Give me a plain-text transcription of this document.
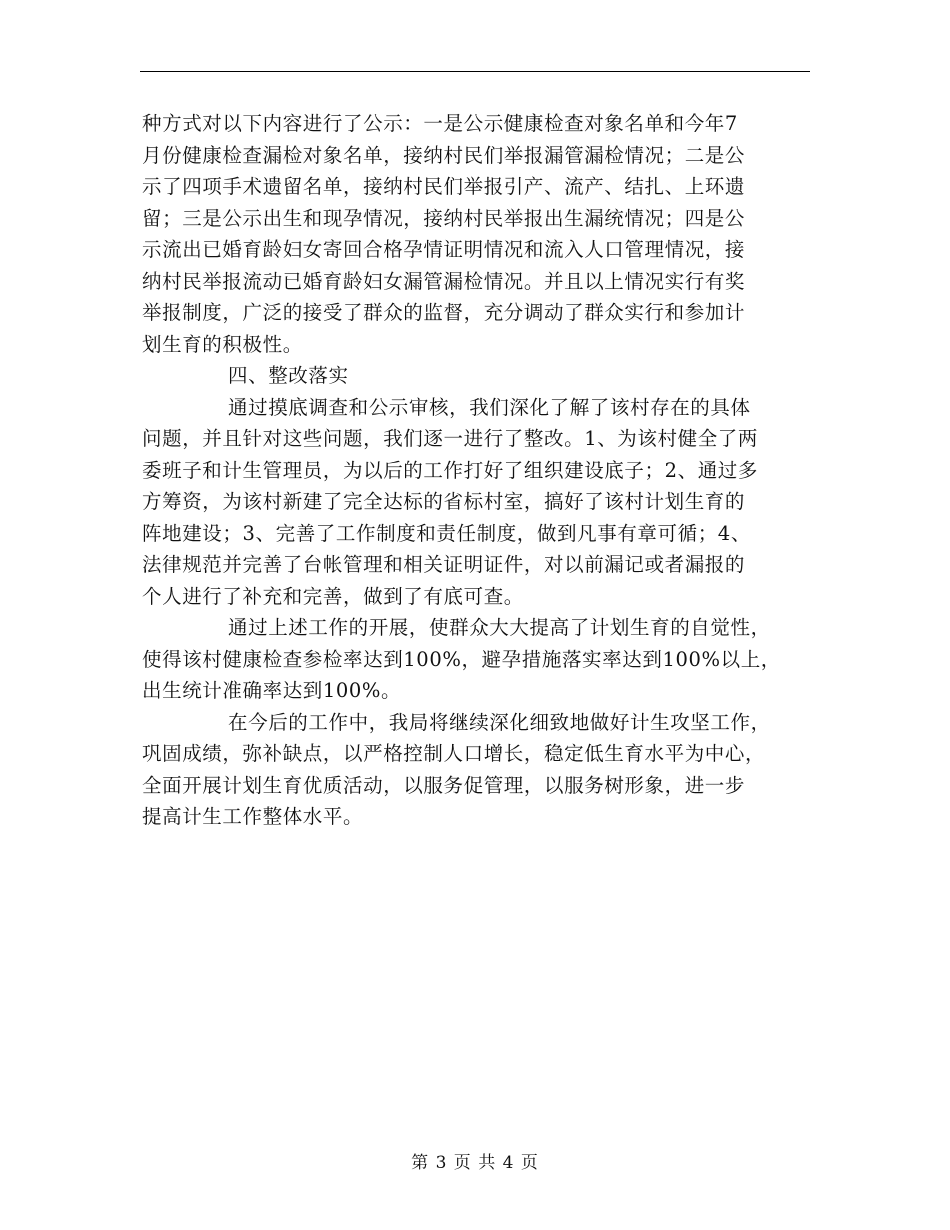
种方式对以下内容进行了公示：一是公示健康检查对象名单和今年7
月份健康检查漏检对象名单，接纳村民们举报漏管漏检情况；二是公
示了四项手术遗留名单，接纳村民们举报引产、流产、结扎、上环遗
留；三是公示出生和现孕情况，接纳村民举报出生漏统情况；四是公
示流出已婚育龄妇女寄回合格孕情证明情况和流入人口管理情况，接
纳村民举报流动已婚育龄妇女漏管漏检情况。并且以上情况实行有奖
举报制度，广泛的接受了群众的监督，充分调动了群众实行和参加计
划生育的积极性。
四、整改落实
通过摸底调查和公示审核，我们深化了解了该村存在的具体
问题，并且针对这些问题，我们逐一进行了整改。1、为该村健全了两
委班子和计生管理员，为以后的工作打好了组织建设底子；2、通过多
方筹资，为该村新建了完全达标的省标村室，搞好了该村计划生育的
阵地建设；3、完善了工作制度和责任制度，做到凡事有章可循；4、
法律规范并完善了台帐管理和相关证明证件，对以前漏记或者漏报的
个人进行了补充和完善，做到了有底可查。
通过上述工作的开展，使群众大大提高了计划生育的自觉性，
使得该村健康检查参检率达到100%，避孕措施落实率达到100%以上，
出生统计准确率达到100%。
在今后的工作中，我局将继续深化细致地做好计生攻坚工作，
巩固成绩，弥补缺点，以严格控制人口增长，稳定低生育水平为中心，
全面开展计划生育优质活动，以服务促管理，以服务树形象，进一步
提高计生工作整体水平。
第 3 页 共 4 页
